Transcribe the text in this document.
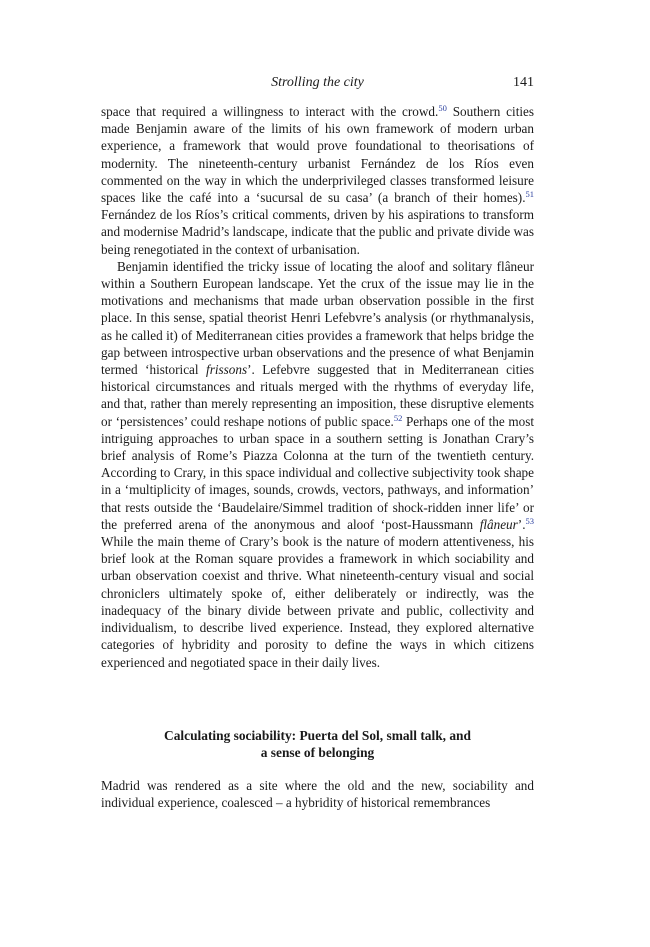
Strolling the city	141

space that required a willingness to interact with the crowd.$^{50}$ Southern cities made Benjamin aware of the limits of his own framework of modern urban experience, a framework that would prove foundational to theorisations of modernity. The nineteenth-century urbanist Fernández de los Ríos even commented on the way in which the underprivileged classes transformed leisure spaces like the café into a ‘sucursal de su casa’ (a branch of their homes).$^{51}$ Fernández de los Ríos’s critical comments, driven by his aspirations to transform and modernise Madrid’s landscape, indicate that the public and private divide was being renegotiated in the context of urbanisation.

Benjamin identified the tricky issue of locating the aloof and solitary flâneur within a Southern European landscape. Yet the crux of the issue may lie in the motivations and mechanisms that made urban observation possible in the first place. In this sense, spatial theorist Henri Lefebvre’s analysis (or rhythmanalysis, as he called it) of Mediterranean cities provides a framework that helps bridge the gap between introspective urban observations and the presence of what Benjamin termed ‘historical frissons’. Lefebvre suggested that in Mediterranean cities historical circumstances and rituals merged with the rhythms of everyday life, and that, rather than merely representing an imposition, these disruptive elements or ‘persistences’ could reshape notions of public space.$^{52}$ Perhaps one of the most intriguing approaches to urban space in a southern setting is Jonathan Crary’s brief analysis of Rome’s Piazza Colonna at the turn of the twentieth century. According to Crary, in this space individual and collective subjectivity took shape in a ‘multiplicity of images, sounds, crowds, vectors, pathways, and information’ that rests outside the ‘Baudelaire/Simmel tradition of shock-ridden inner life’ or the preferred arena of the anonymous and aloof ‘post-Haussmann flâneur’.$^{53}$ While the main theme of Crary’s book is the nature of modern attentiveness, his brief look at the Roman square provides a framework in which sociability and urban observation coexist and thrive. What nineteenth-century visual and social chroniclers ultimately spoke of, either deliberately or indirectly, was the inadequacy of the binary divide between private and public, collectivity and individualism, to describe lived experience. Instead, they explored alternative categories of hybridity and porosity to define the ways in which citizens experienced and negotiated space in their daily lives.

Calculating sociability: Puerta del Sol, small talk, and
a sense of belonging

Madrid was rendered as a site where the old and the new, sociability and individual experience, coalesced – a hybridity of historical remembrances
